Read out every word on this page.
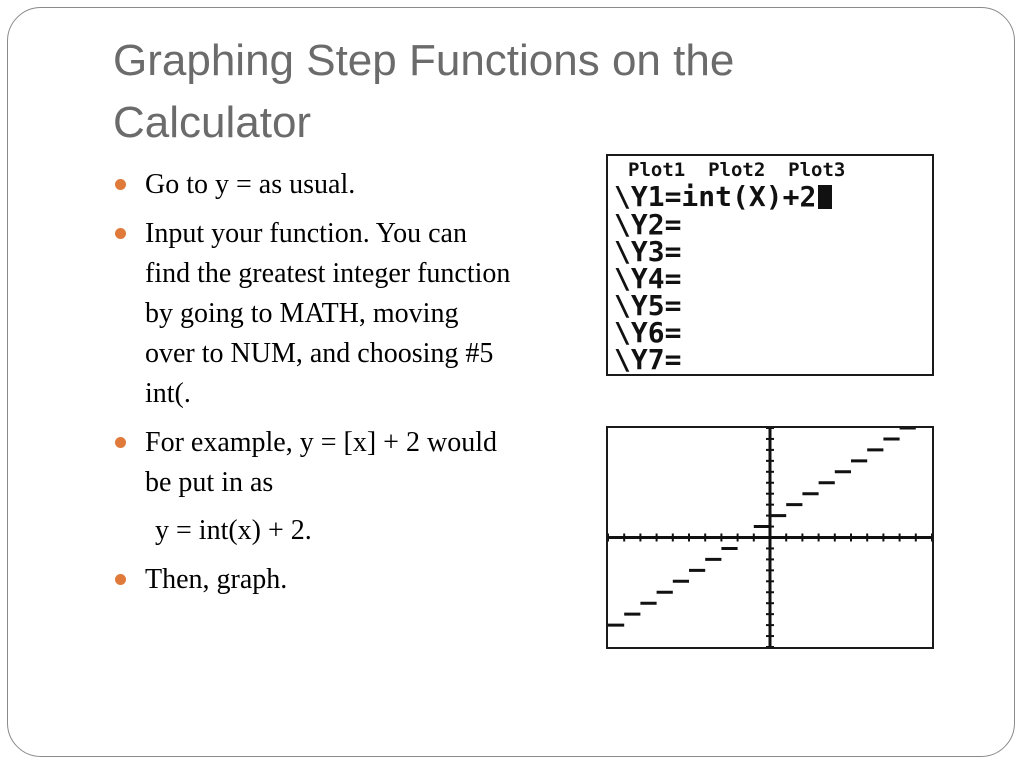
Graphing Step Functions on the Calculator
Go to y = as usual.
Input your function. You can find the greatest integer function by going to MATH, moving over to NUM, and choosing #5 int(.
For example, y = [x] + 2 would be put in as
y = int(x) + 2.
Then, graph.
Plot1  Plot2  Plot3
\Y1=int(X)+2
\Y2=
\Y3=
\Y4=
\Y5=
\Y6=
\Y7=
